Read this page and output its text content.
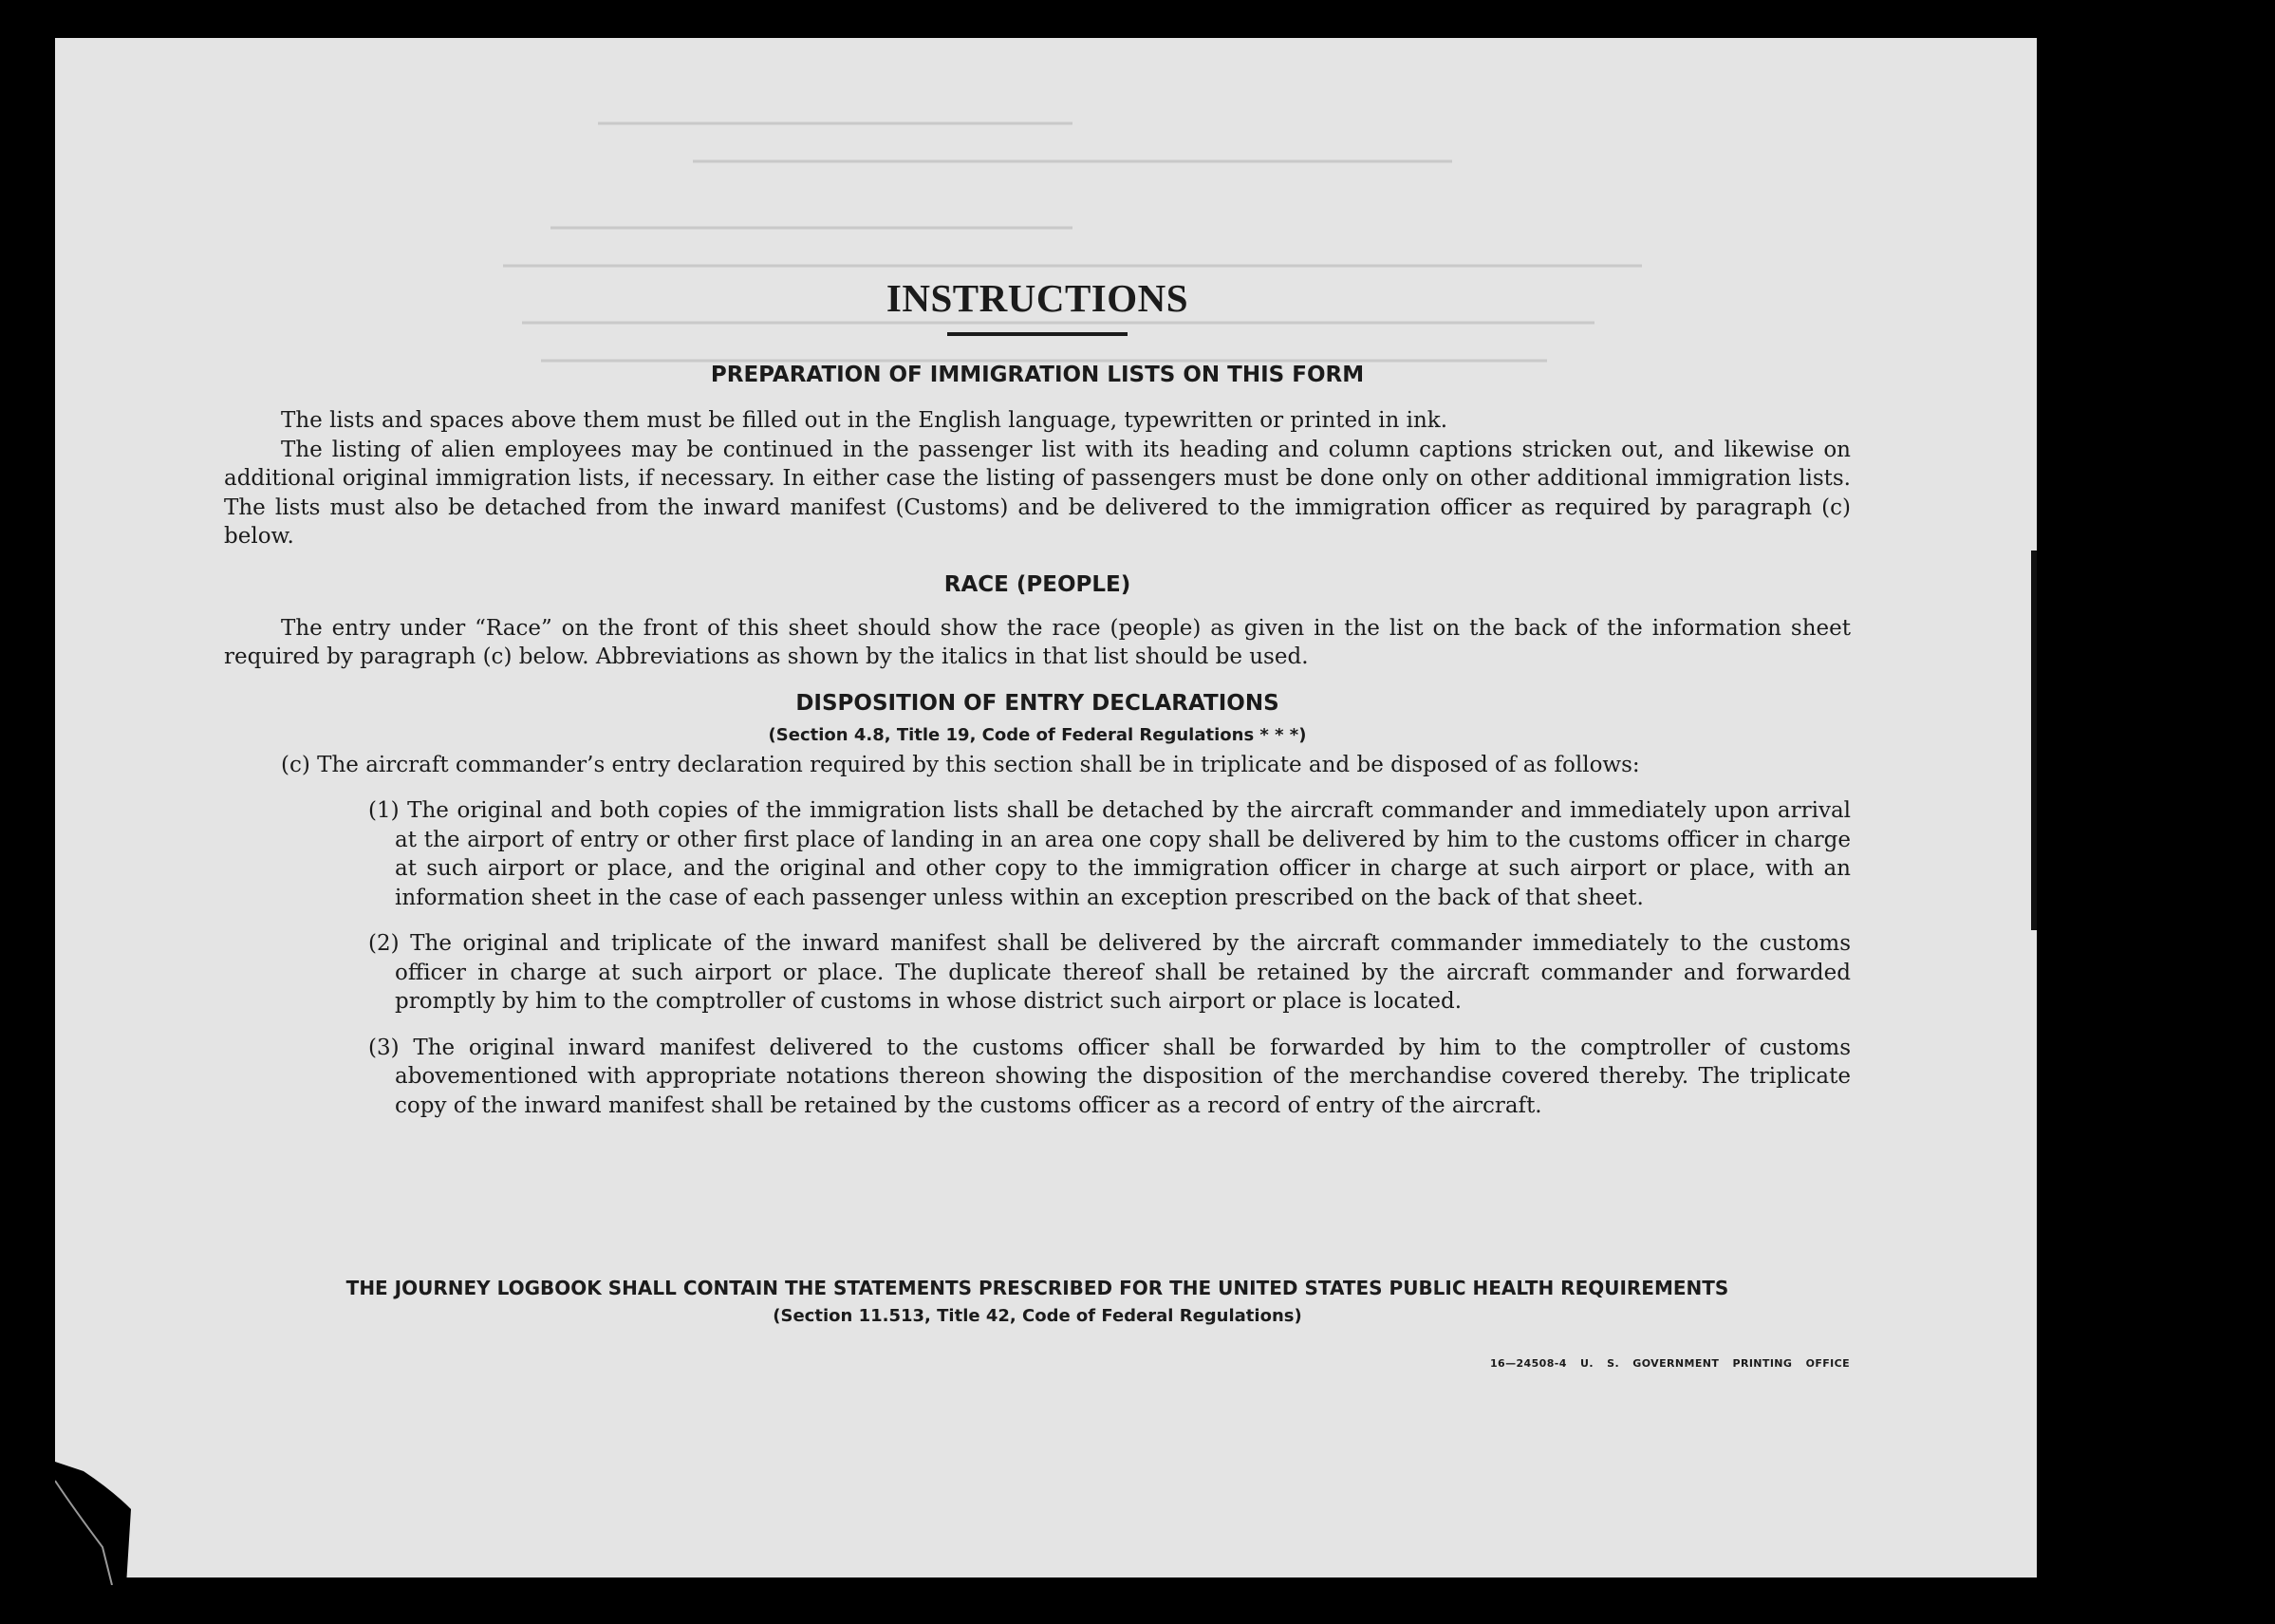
INSTRUCTIONS
PREPARATION OF IMMIGRATION LISTS ON THIS FORM

The lists and spaces above them must be filled out in the English language, typewritten or printed in ink.

The listing of alien employees may be continued in the passenger list with its heading and column captions stricken out, and likewise on additional original immigration lists, if necessary. In either case the listing of passengers must be done only on other additional immigration lists. The lists must also be detached from the inward manifest (Customs) and be delivered to the immigration officer as required by paragraph (c) below.

RACE (PEOPLE)

The entry under “Race” on the front of this sheet should show the race (people) as given in the list on the back of the information sheet required by paragraph (c) below. Abbreviations as shown by the italics in that list should be used.

DISPOSITION OF ENTRY DECLARATIONS
(Section 4.8, Title 19, Code of Federal Regulations * * *)

(c) The aircraft commander’s entry declaration required by this section shall be in triplicate and be disposed of as follows:

(1) The original and both copies of the immigration lists shall be detached by the aircraft commander and immediately upon arrival at the airport of entry or other first place of landing in an area one copy shall be delivered by him to the customs officer in charge at such airport or place, and the original and other copy to the immigration officer in charge at such airport or place, with an information sheet in the case of each passenger unless within an exception prescribed on the back of that sheet.
(2) The original and triplicate of the inward manifest shall be delivered by the aircraft commander immediately to the customs officer in charge at such airport or place. The duplicate thereof shall be retained by the aircraft commander and forwarded promptly by him to the comptroller of customs in whose district such airport or place is located.
(3) The original inward manifest delivered to the customs officer shall be forwarded by him to the comptroller of customs abovementioned with appropriate notations thereon showing the disposition of the merchandise covered thereby. The triplicate copy of the inward manifest shall be retained by the customs officer as a record of entry of the aircraft.
THE JOURNEY LOGBOOK SHALL CONTAIN THE STATEMENTS PRESCRIBED FOR THE UNITED STATES PUBLIC HEALTH REQUIREMENTS
(Section 11.513, Title 42, Code of Federal Regulations)
16—24508-4 U. S. GOVERNMENT PRINTING OFFICE
